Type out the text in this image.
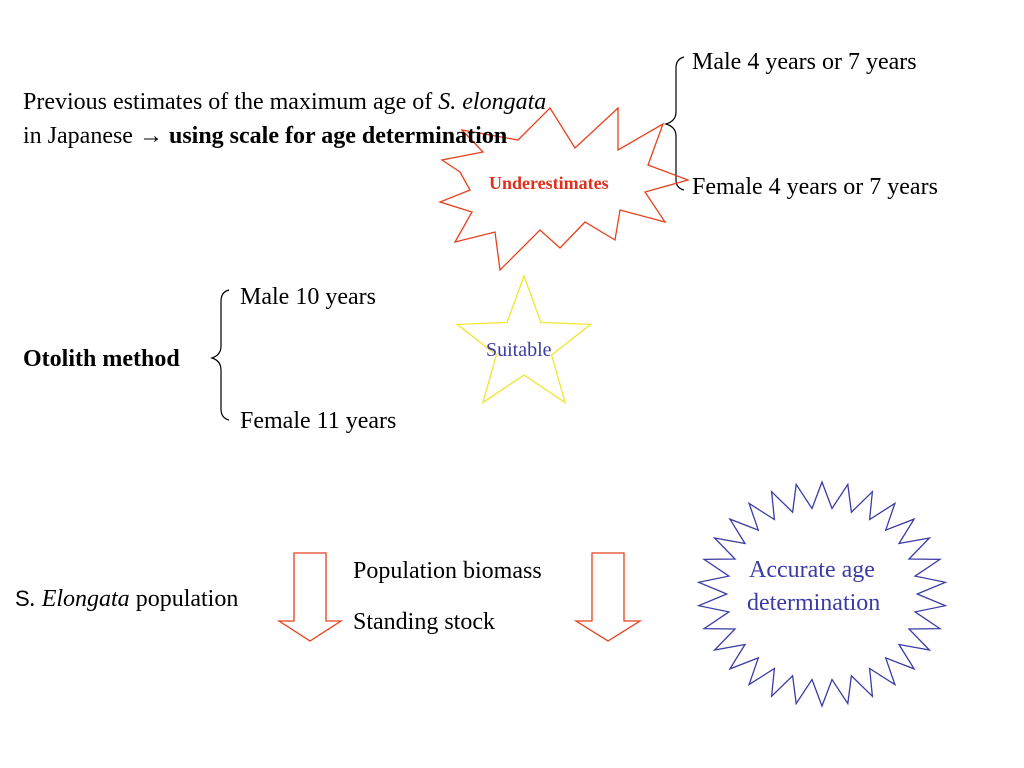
Previous estimates of the maximum age of S. elongata
in Japanese → using scale for age determination
Male 4 years or 7 years
Female 4 years or 7 years
Underestimates
Otolith method
Male 10 years
Female 11 years
Suitable
S. Elongata population
Population biomass
Standing stock
Accurate age
determination
